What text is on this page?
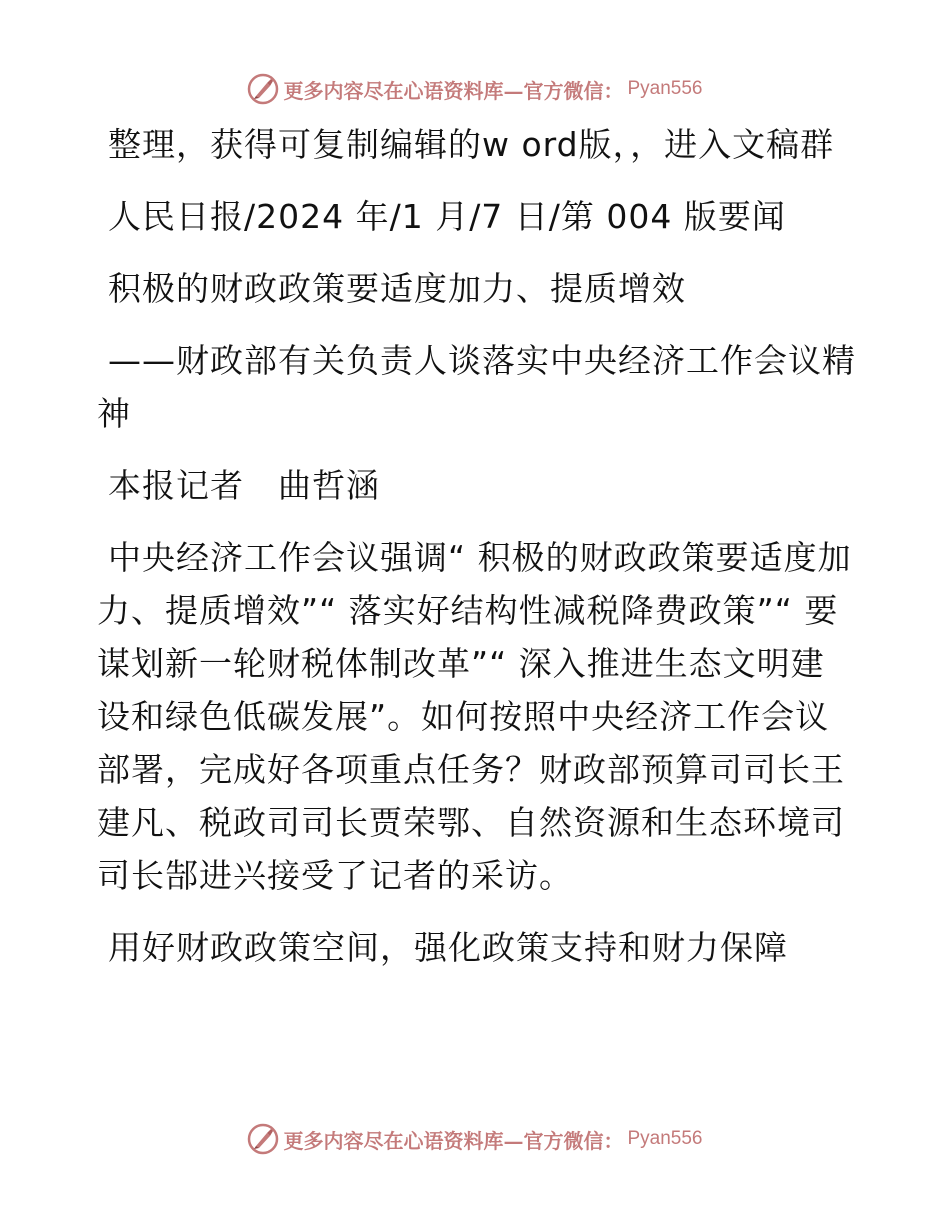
更多内容尽在心语资料库—官方微信： Pyan556

整理，获得可复制编辑的w ord版，，进入文稿群

人民日报/2024 年/1 月/7 日/第 004 版要闻

积极的财政政策要适度加力、提质增效

——财政部有关负责人谈落实中央经济工作会议精神

本报记者　曲哲涵

中央经济工作会议强调“ 积极的财政政策要适度加力、提质增效”“ 落实好结构性减税降费政策”“ 要谋划新一轮财税体制改革”“ 深入推进生态文明建设和绿色低碳发展”。如何按照中央经济工作会议部署，完成好各项重点任务？财政部预算司司长王建凡、税政司司长贾荣鄂、自然资源和生态环境司司长郜进兴接受了记者的采访。

用好财政政策空间，强化政策支持和财力保障

更多内容尽在心语资料库—官方微信： Pyan556
